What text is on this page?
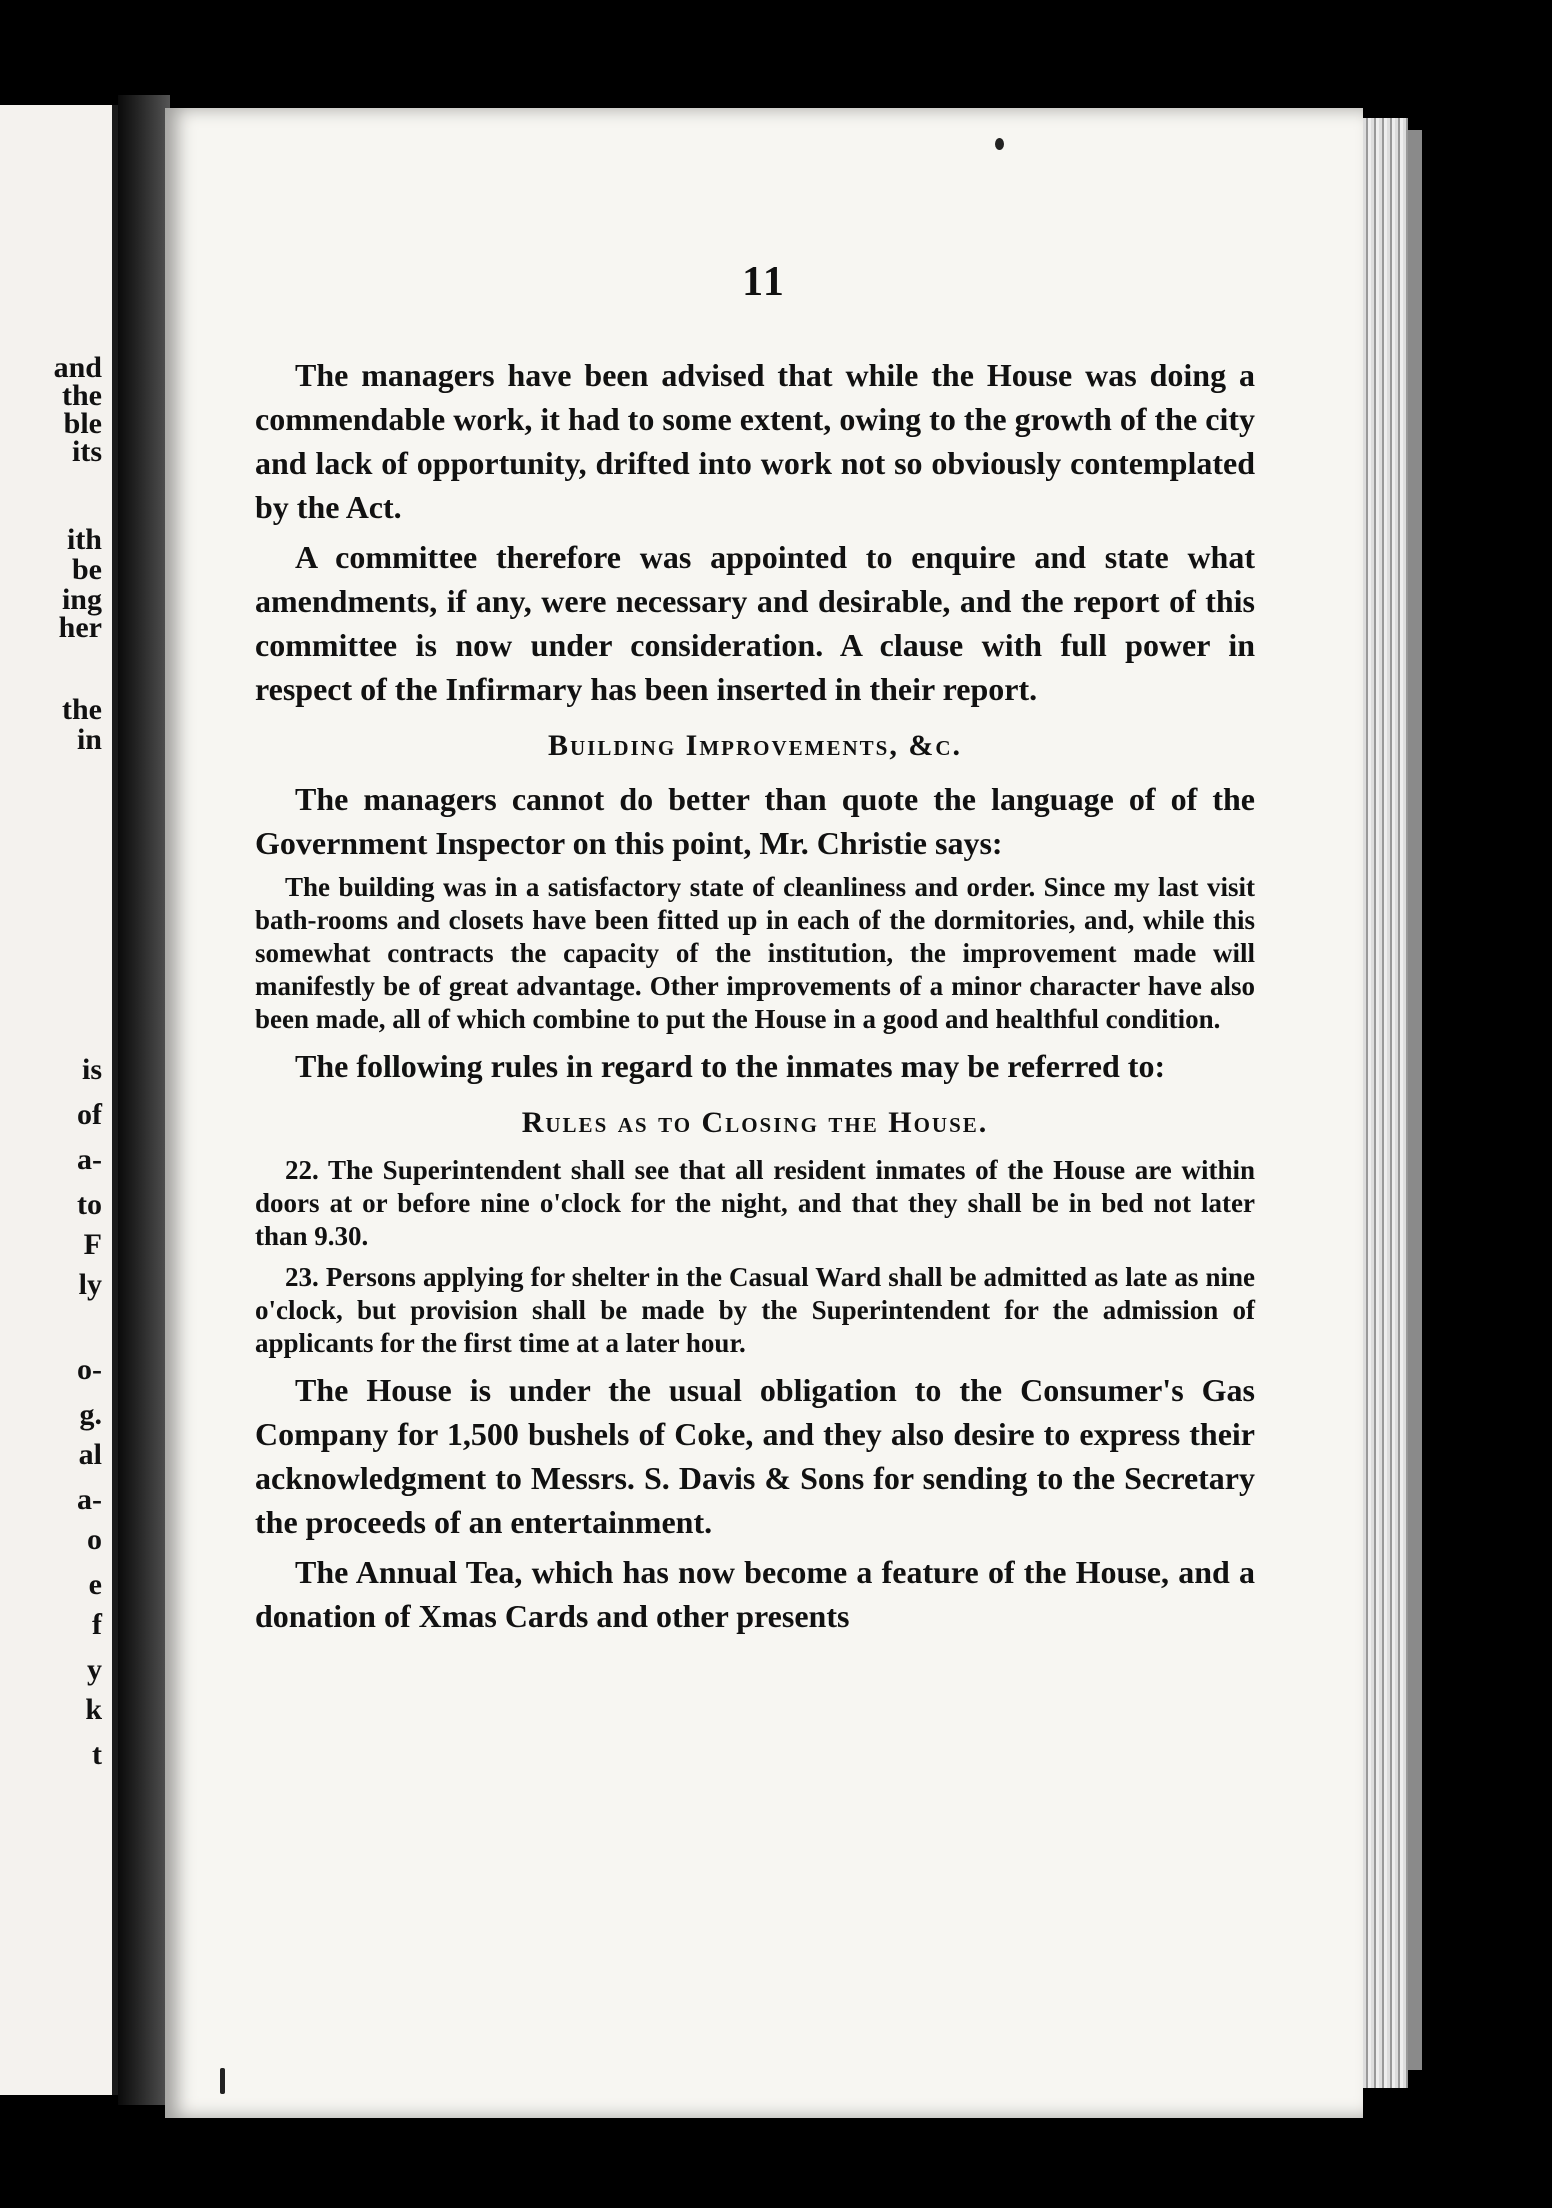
and
the
ble
its
ith
be
ing
her
the
in
is
of
a-
to
F
ly
o-
g.
al
a-
o
e
f
y
k
t
11

The managers have been advised that while the House was doing a commendable work, it had to some extent, owing to the growth of the city and lack of opportunity, drifted into work not so obviously contemplated by the Act.

A committee therefore was appointed to enquire and state what amendments, if any, were necessary and desirable, and the report of this committee is now under consideration. A clause with full power in respect of the Infirmary has been inserted in their report.

Building Improvements, &c.

The managers cannot do better than quote the language of of the Government Inspector on this point, Mr. Christie says:

The building was in a satisfactory state of cleanliness and order. Since my last visit bath-rooms and closets have been fitted up in each of the dormitories, and, while this somewhat contracts the capacity of the institution, the improvement made will manifestly be of great advantage. Other improvements of a minor character have also been made, all of which combine to put the House in a good and healthful condition.

The following rules in regard to the inmates may be referred to:

Rules as to Closing the House.

22. The Superintendent shall see that all resident inmates of the House are within doors at or before nine o'clock for the night, and that they shall be in bed not later than 9.30.

23. Persons applying for shelter in the Casual Ward shall be admitted as late as nine o'clock, but provision shall be made by the Superintendent for the admission of applicants for the first time at a later hour.

The House is under the usual obligation to the Consumer's Gas Company for 1,500 bushels of Coke, and they also desire to express their acknowledgment to Messrs. S. Davis & Sons for sending to the Secretary the proceeds of an entertainment.

The Annual Tea, which has now become a feature of the House, and a donation of Xmas Cards and other presents
